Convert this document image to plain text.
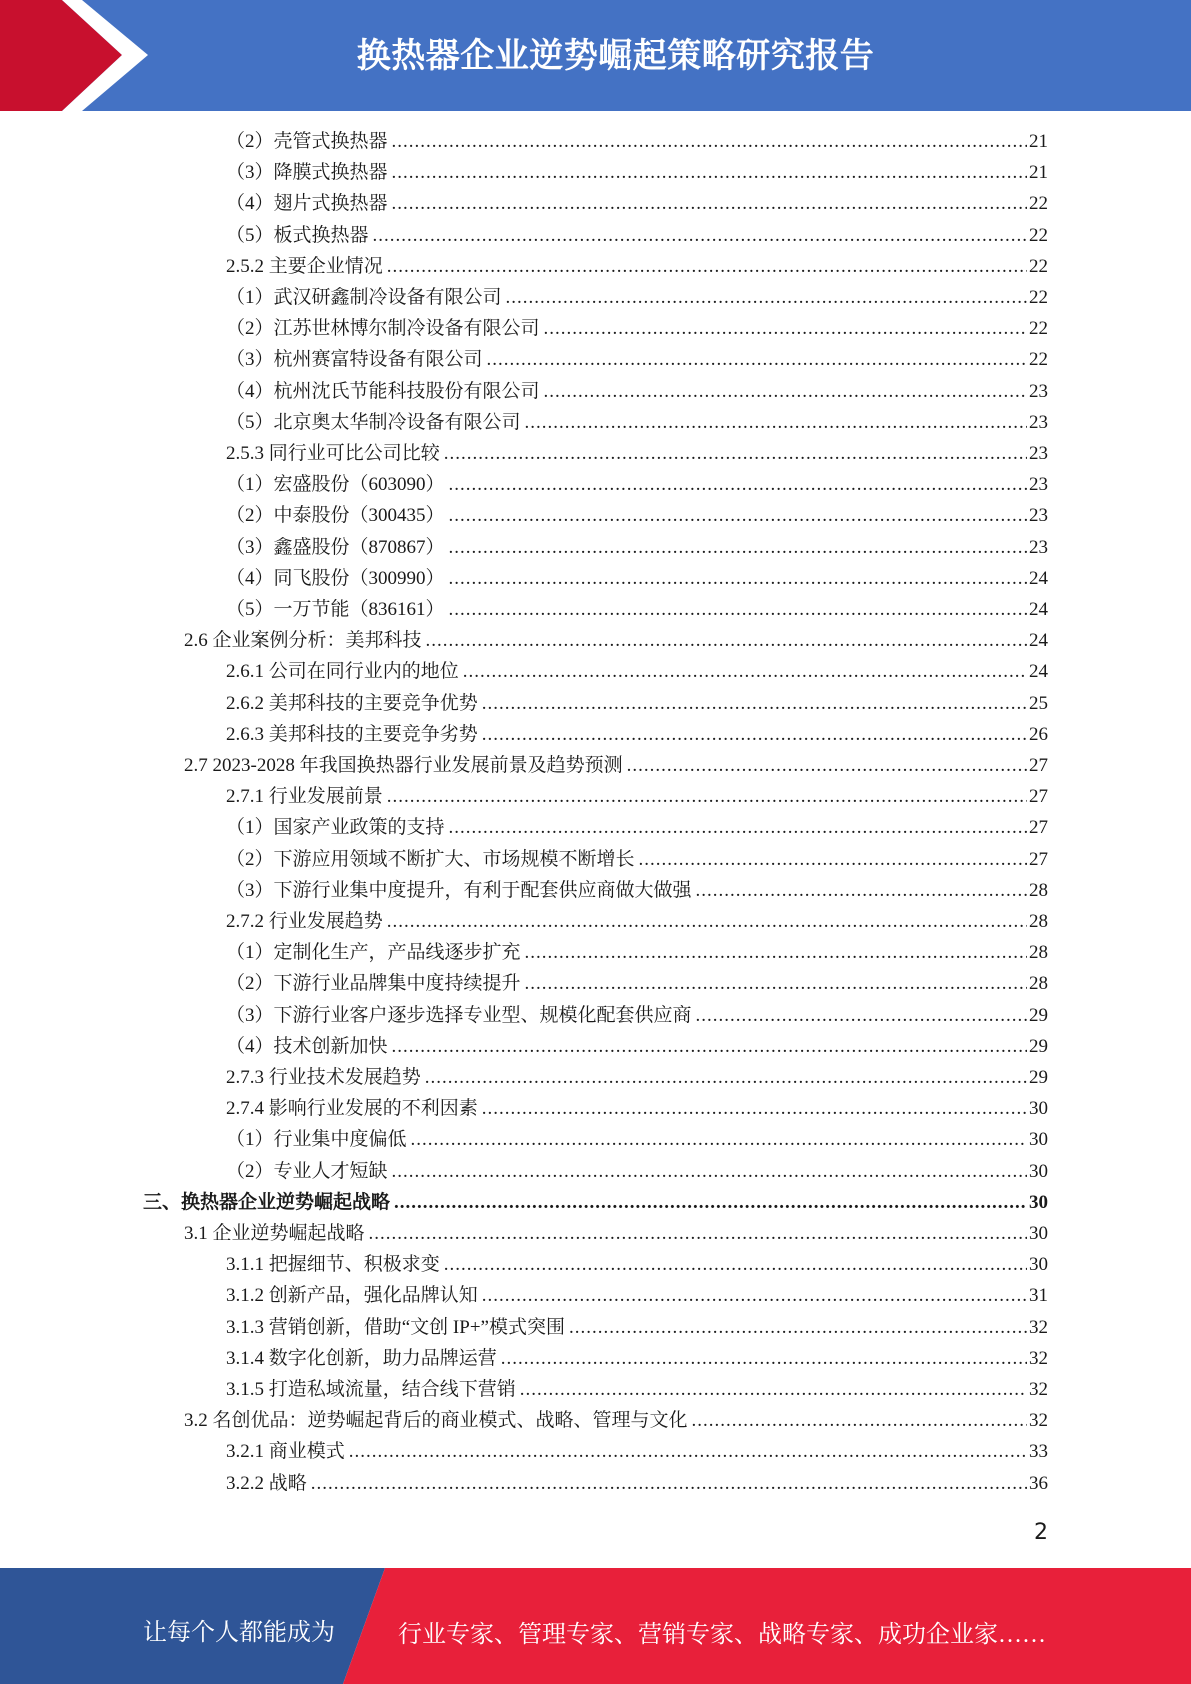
换热器企业逆势崛起策略研究报告
（2）壳管式换热器 .....	21
（3）降膜式换热器 .....	21
（4）翅片式换热器 .....	22
（5）板式换热器 .....	22
2.5.2 主要企业情况 .....	22
（1）武汉研鑫制冷设备有限公司 .....	22
（2）江苏世林博尔制冷设备有限公司 .....	22
（3）杭州赛富特设备有限公司 .....	22
（4）杭州沈氏节能科技股份有限公司 .....	23
（5）北京奥太华制冷设备有限公司 .....	23
2.5.3 同行业可比公司比较 .....	23
（1）宏盛股份（603090） .....	23
（2）中泰股份（300435） .....	23
（3）鑫盛股份（870867） .....	23
（4）同飞股份（300990） .....	24
（5）一万节能（836161） .....	24
2.6 企业案例分析：美邦科技 .....	24
2.6.1 公司在同行业内的地位 .....	24
2.6.2 美邦科技的主要竞争优势 .....	25
2.6.3 美邦科技的主要竞争劣势 .....	26
2.7 2023-2028 年我国换热器行业发展前景及趋势预测 .....	27
2.7.1 行业发展前景 .....	27
（1）国家产业政策的支持 .....	27
（2）下游应用领域不断扩大、市场规模不断增长 .....	27
（3）下游行业集中度提升，有利于配套供应商做大做强 .....	28
2.7.2 行业发展趋势 .....	28
（1）定制化生产，产品线逐步扩充 .....	28
（2）下游行业品牌集中度持续提升 .....	28
（3）下游行业客户逐步选择专业型、规模化配套供应商 .....	29
（4）技术创新加快 .....	29
2.7.3 行业技术发展趋势 .....	29
2.7.4 影响行业发展的不利因素 .....	30
（1）行业集中度偏低 .....	30
（2）专业人才短缺 .....	30
三、换热器企业逆势崛起战略 .....	30
3.1 企业逆势崛起战略 .....	30
3.1.1 把握细节、积极求变 .....	30
3.1.2 创新产品，强化品牌认知 .....	31
3.1.3 营销创新，借助“文创 IP+”模式突围 .....	32
3.1.4 数字化创新，助力品牌运营 .....	32
3.1.5 打造私域流量，结合线下营销 .....	32
3.2 名创优品：逆势崛起背后的商业模式、战略、管理与文化 .....	32
3.2.1 商业模式 .....	33
3.2.2 战略 .....	36
2
让每个人都能成为	行业专家、管理专家、营销专家、战略专家、成功企业家……
